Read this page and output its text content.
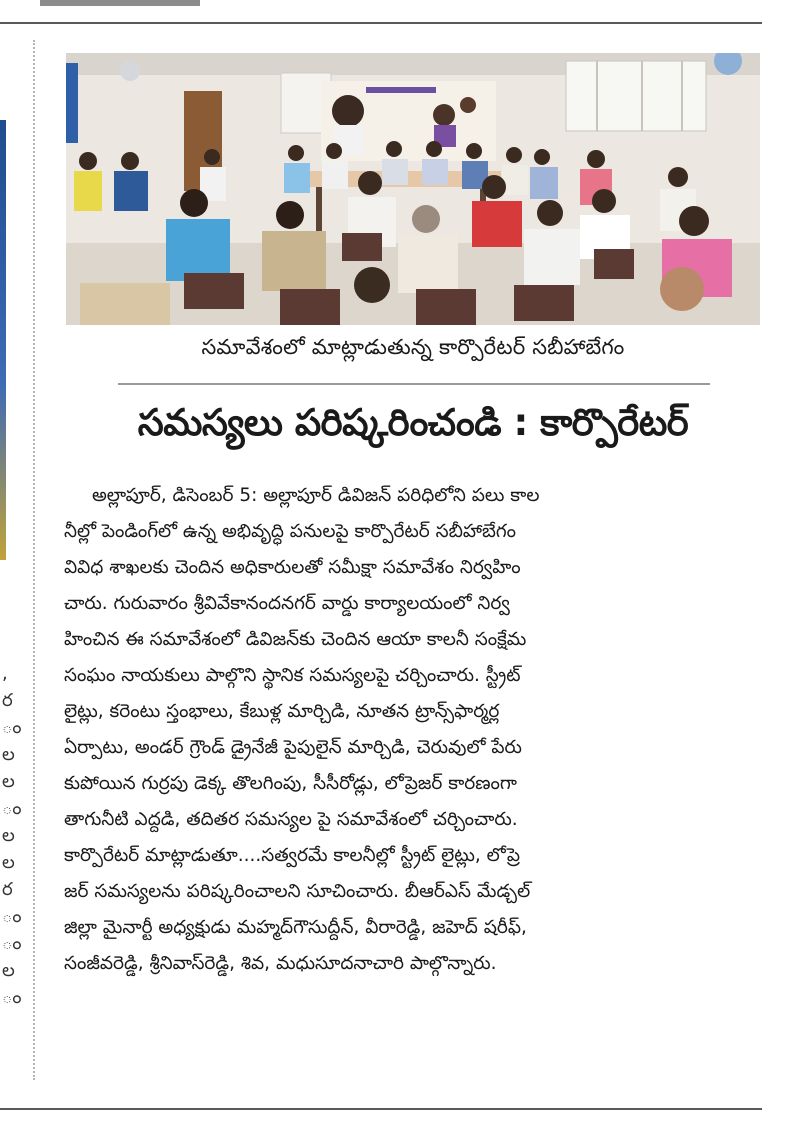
,
ర
ం
ల
ల
ం
ల
ల
ర
ం
ం
ల
ం
సమావేశంలో మాట్లాడుతున్న కార్పొరేటర్ సబీహాబేగం
సమస్యలు పరిష్కరించండి : కార్పొరేటర్
అల్లాపూర్, డిసెంబర్ 5: అల్లాపూర్ డివిజన్ పరిధిలోని పలు కాల
నీల్లో పెండింగ్‌లో ఉన్న అభివృద్ధి పనులపై కార్పొరేటర్ సబీహాబేగం
వివిధ శాఖలకు చెందిన అధికారులతో సమీక్షా సమావేశం నిర్వహిం
చారు. గురువారం శ్రీవివేకానందనగర్ వార్డు కార్యాలయంలో నిర్వ
హించిన ఈ సమావేశంలో డివిజన్‌కు చెందిన ఆయా కాలనీ సంక్షేమ
సంఘం నాయకులు పాల్గొని స్థానిక సమస్యలపై చర్చించారు. స్ట్రీట్
లైట్లు, కరెంటు స్తంభాలు, కేబుళ్ల మార్చిడి, నూతన ట్రాన్స్‌ఫార్మర్ల
ఏర్పాటు, అండర్ గ్రౌండ్ డ్రైనేజీ పైపులైన్ మార్చిడి, చెరువులో పేరు
కుపోయిన గుర్రపు డెక్క తొలగింపు, సీసీరోడ్లు, లోప్రెజర్ కారణంగా
తాగునీటి ఎద్దడి, తదితర సమస్యల పై సమావేశంలో చర్చించారు.
కార్పొరేటర్ మాట్లాడుతూ....సత్వరమే కాలనీల్లో స్ట్రీట్ లైట్లు, లోప్రె
జర్ సమస్యలను పరిష్కరించాలని సూచించారు. బీఆర్ఎస్ మేడ్చల్
జిల్లా మైనార్టీ అధ్యక్షుడు మహ్మద్‌గౌసుద్దీన్, వీరారెడ్డి, జహెద్ షరీఫ్,
సంజీవరెడ్డి, శ్రీనివాస్‌రెడ్డి, శివ, మధుసూదనాచారి పాల్గొన్నారు.
